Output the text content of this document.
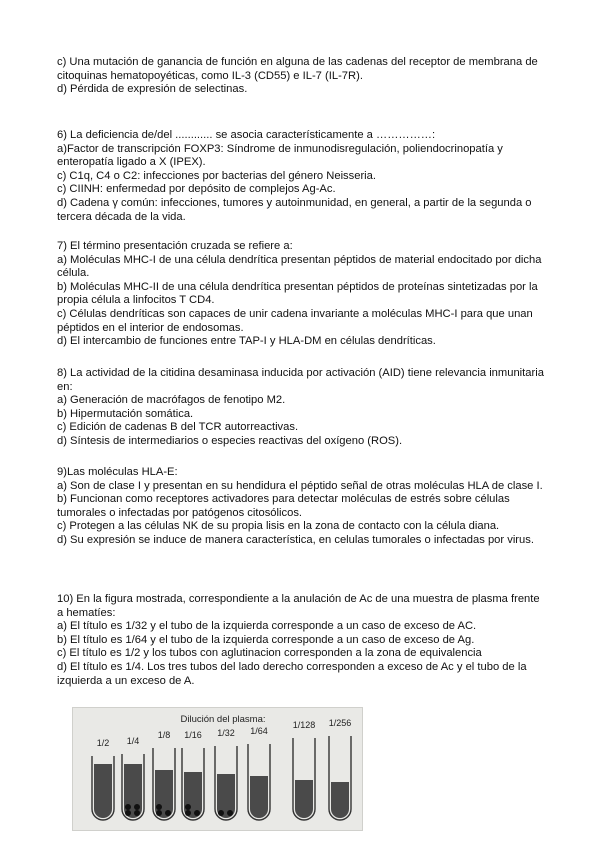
c) Una mutación de ganancia de función en alguna de las cadenas del receptor de membrana de citoquinas hematopoyéticas, como IL-3 (CD55) e IL-7 (IL-7R).

d) Pérdida de expresión de selectinas.

6) La deficiencia de/del ............ se asocia característicamente a ……………:

a)Factor de transcripción FOXP3: Síndrome de inmunodisregulación, poliendocrinopatía y enteropatía ligado a X (IPEX).

c) C1q, C4 o C2: infecciones por bacterias del género Neisseria.

c) CIINH: enfermedad por depósito de complejos Ag-Ac.

d) Cadena γ común: infecciones, tumores y autoinmunidad, en general, a partir de la segunda o tercera década de la vida.

7) El término presentación cruzada se refiere a:

a) Moléculas MHC-I de una célula dendrítica presentan péptidos de material endocitado por dicha célula.

b) Moléculas MHC-II de una célula dendrítica presentan péptidos de proteínas sintetizadas por la propia célula a linfocitos T CD4.

c) Células dendríticas son capaces de unir cadena invariante a moléculas MHC-I para que unan péptidos en el interior de endosomas.

d) El intercambio de funciones entre TAP-I y HLA-DM en células dendríticas.

8) La actividad de la citidina desaminasa inducida por activación (AID) tiene relevancia inmunitaria en:

a) Generación de macrófagos de fenotipo M2.

b) Hipermutación somática.

c) Edición de cadenas B del TCR autorreactivas.

d) Síntesis de intermediarios o especies reactivas del oxígeno (ROS).

9)Las moléculas HLA-E:

a) Son de clase I y presentan en su hendidura el péptido señal de otras moléculas HLA de clase I.

b) Funcionan como receptores activadores para detectar moléculas de estrés sobre células tumorales o infectadas por patógenos citosólicos.

c) Protegen a las células NK de su propia lisis en la zona de contacto con la célula diana.

d) Su expresión se induce de manera característica, en celulas tumorales o infectadas por virus.

10) En la figura mostrada, correspondiente a la anulación de Ac de una muestra de plasma frente a hematíes:

a) El título es 1/32 y el tubo de la izquierda corresponde a un caso de exceso de AC.

b) El título es 1/64 y el tubo de la izquierda corresponde a un caso de exceso de Ag.

c) El título es 1/2 y los tubos con aglutinacion corresponden a la zona de equivalencia

d) El título es 1/4. Los tres tubos del lado derecho corresponden a exceso de Ac y el tubo de la izquierda a un exceso de A.

Dilución del plasma:
1/2 1/4
1/8 1/16 1/32 1/64
1/128 1/256
